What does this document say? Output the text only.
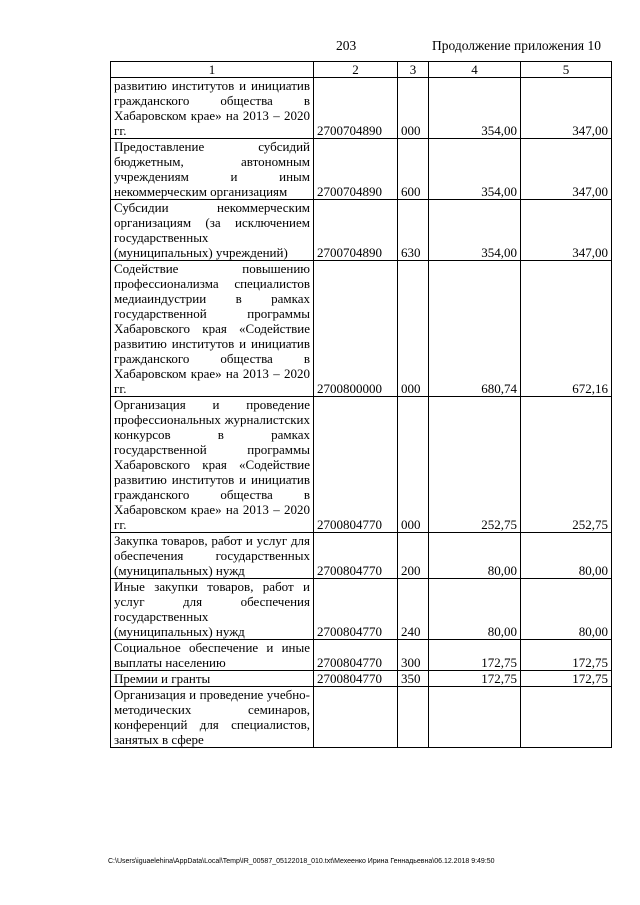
203	Продолжение приложения 10
1	2	3	4	5
развитию институтов и инициатив гражданского общества в Хабаровском крае» на 2013 – 2020 гг.	2700704890	000	354,00	347,00
Предоставление субсидий бюджетным, автономным учреждениям и иным некоммерческим организациям	2700704890	600	354,00	347,00
Субсидии некоммерческим организациям (за исключением государственных (муниципальных) учреждений)	2700704890	630	354,00	347,00
Содействие повышению профессионализма специалистов медиаиндустрии в рамках государственной программы Хабаровского края «Содействие развитию институтов и инициатив гражданского общества в Хабаровском крае» на 2013 – 2020 гг.	2700800000	000	680,74	672,16
Организация и проведение профессиональных журналистских конкурсов в рамках государственной программы Хабаровского края «Содействие развитию институтов и инициатив гражданского общества в Хабаровском крае» на 2013 – 2020 гг.	2700804770	000	252,75	252,75
Закупка товаров, работ и услуг для обеспечения государственных (муниципальных) нужд	2700804770	200	80,00	80,00
Иные закупки товаров, работ и услуг для обеспечения государственных (муниципальных) нужд	2700804770	240	80,00	80,00
Социальное обеспечение и иные выплаты населению	2700804770	300	172,75	172,75
Премии и гранты	2700804770	350	172,75	172,75
Организация и проведение учебно-методических семинаров, конференций для специалистов, занятых в сфере				
C:\Users\iguaelehina\AppData\Local\Temp\IR_00587_05122018_010.txt\Мехеенко Ирина Геннадьевна\06.12.2018 9:49:50
